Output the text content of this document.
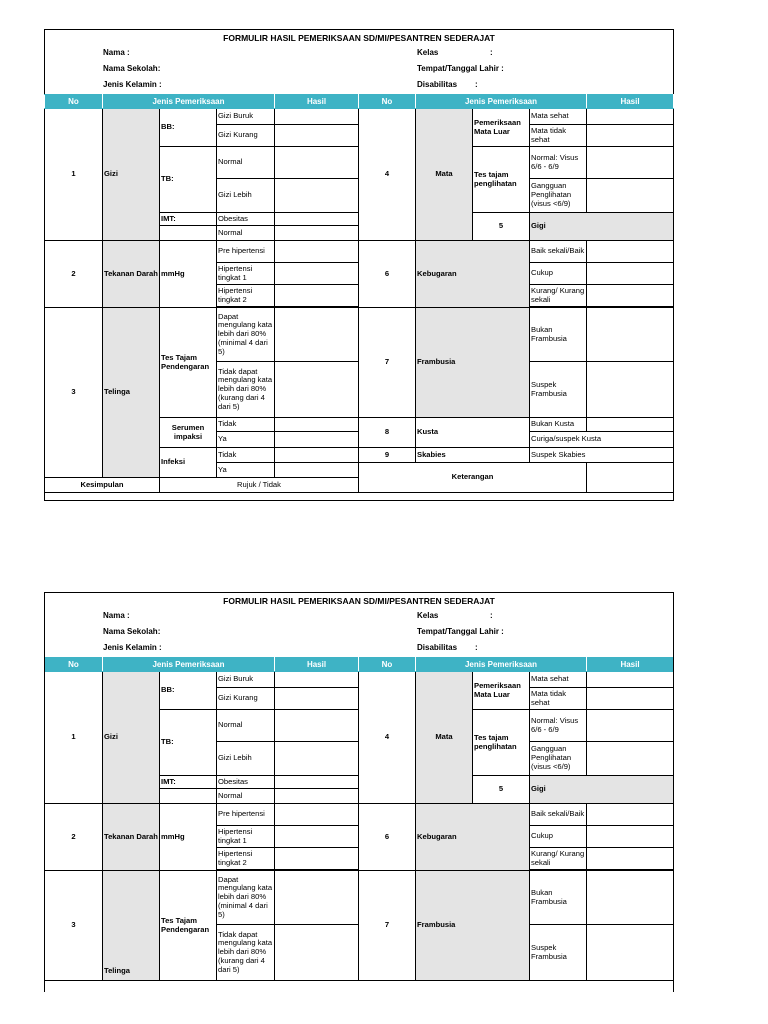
FORMULIR HASIL PEMERIKSAAN SD/MI/PESANTREN SEDERAJAT
Nama :
Nama Sekolah:
Jenis Kelamin :
Kelas	:
Tempat/Tanggal Lahir :
Disabilitas :
No	Jenis Pemeriksaan			Hasil	No	Jenis Pemeriksaan			Hasil	
1	Gizi	BB:	Gizi Buruk		4	Mata	Pemeriksaan Mata Luar	Mata sehat		
			Gizi Kurang					Mata tidak sehat		
		TB:	Normal				Tes tajam penglihatan	Normal: Visus 6/6 - 6/9		
			Gizi Lebih					Gangguan Penglihatan (visus <6/9)		
		IMT:	Obesitas				5	Gigi		
			Normal			
2	Tekanan Darah	mmHg	Pre hipertensi		6	Kebugaran		Baik sekali/Baik		
			Hipertensi tingkat 1					Cukup		
			Hipertensi tingkat 2					Kurang/ Kurang sekali		

3	Telinga	Tes Tajam Pendengaran	Dapat mengulang kata lebih dari 80% (minimal 4 dari 5)		7	Frambusia		Bukan Frambusia		
			Tidak dapat mengulang kata lebih dari 80% (kurang dari 4 dari 5)					Suspek Frambusia		
		Serumen impaksi	Tidak		8	Kusta		Bukan Kusta		
			Ya					Curiga/suspek Kusta		
		Infeksi	Tidak		9	Skabies		Suspek Skabies		
			Ya		Keterangan					
Kesimpulan		Rujuk / Tidak								
FORMULIR HASIL PEMERIKSAAN SD/MI/PESANTREN SEDERAJAT
Nama :
Nama Sekolah:
Jenis Kelamin :
Kelas	:
Tempat/Tanggal Lahir :
Disabilitas :
No	Jenis Pemeriksaan			Hasil	No	Jenis Pemeriksaan			Hasil	
1	Gizi	BB:	Gizi Buruk		4	Mata	Pemeriksaan Mata Luar	Mata sehat		
			Gizi Kurang					Mata tidak sehat		
		TB:	Normal				Tes tajam penglihatan	Normal: Visus 6/6 - 6/9		
			Gizi Lebih					Gangguan Penglihatan (visus <6/9)		
		IMT:	Obesitas				5	Gigi		
			Normal			
2	Tekanan Darah	mmHg	Pre hipertensi		6	Kebugaran		Baik sekali/Baik		
			Hipertensi tingkat 1					Cukup		
			Hipertensi tingkat 2					Kurang/ Kurang sekali		

3	Telinga	Tes Tajam Pendengaran	Dapat mengulang kata lebih dari 80% (minimal 4 dari 5)		7	Frambusia		Bukan Frambusia		
			Tidak dapat mengulang kata lebih dari 80% (kurang dari 4 dari 5)					Suspek Frambusia		
